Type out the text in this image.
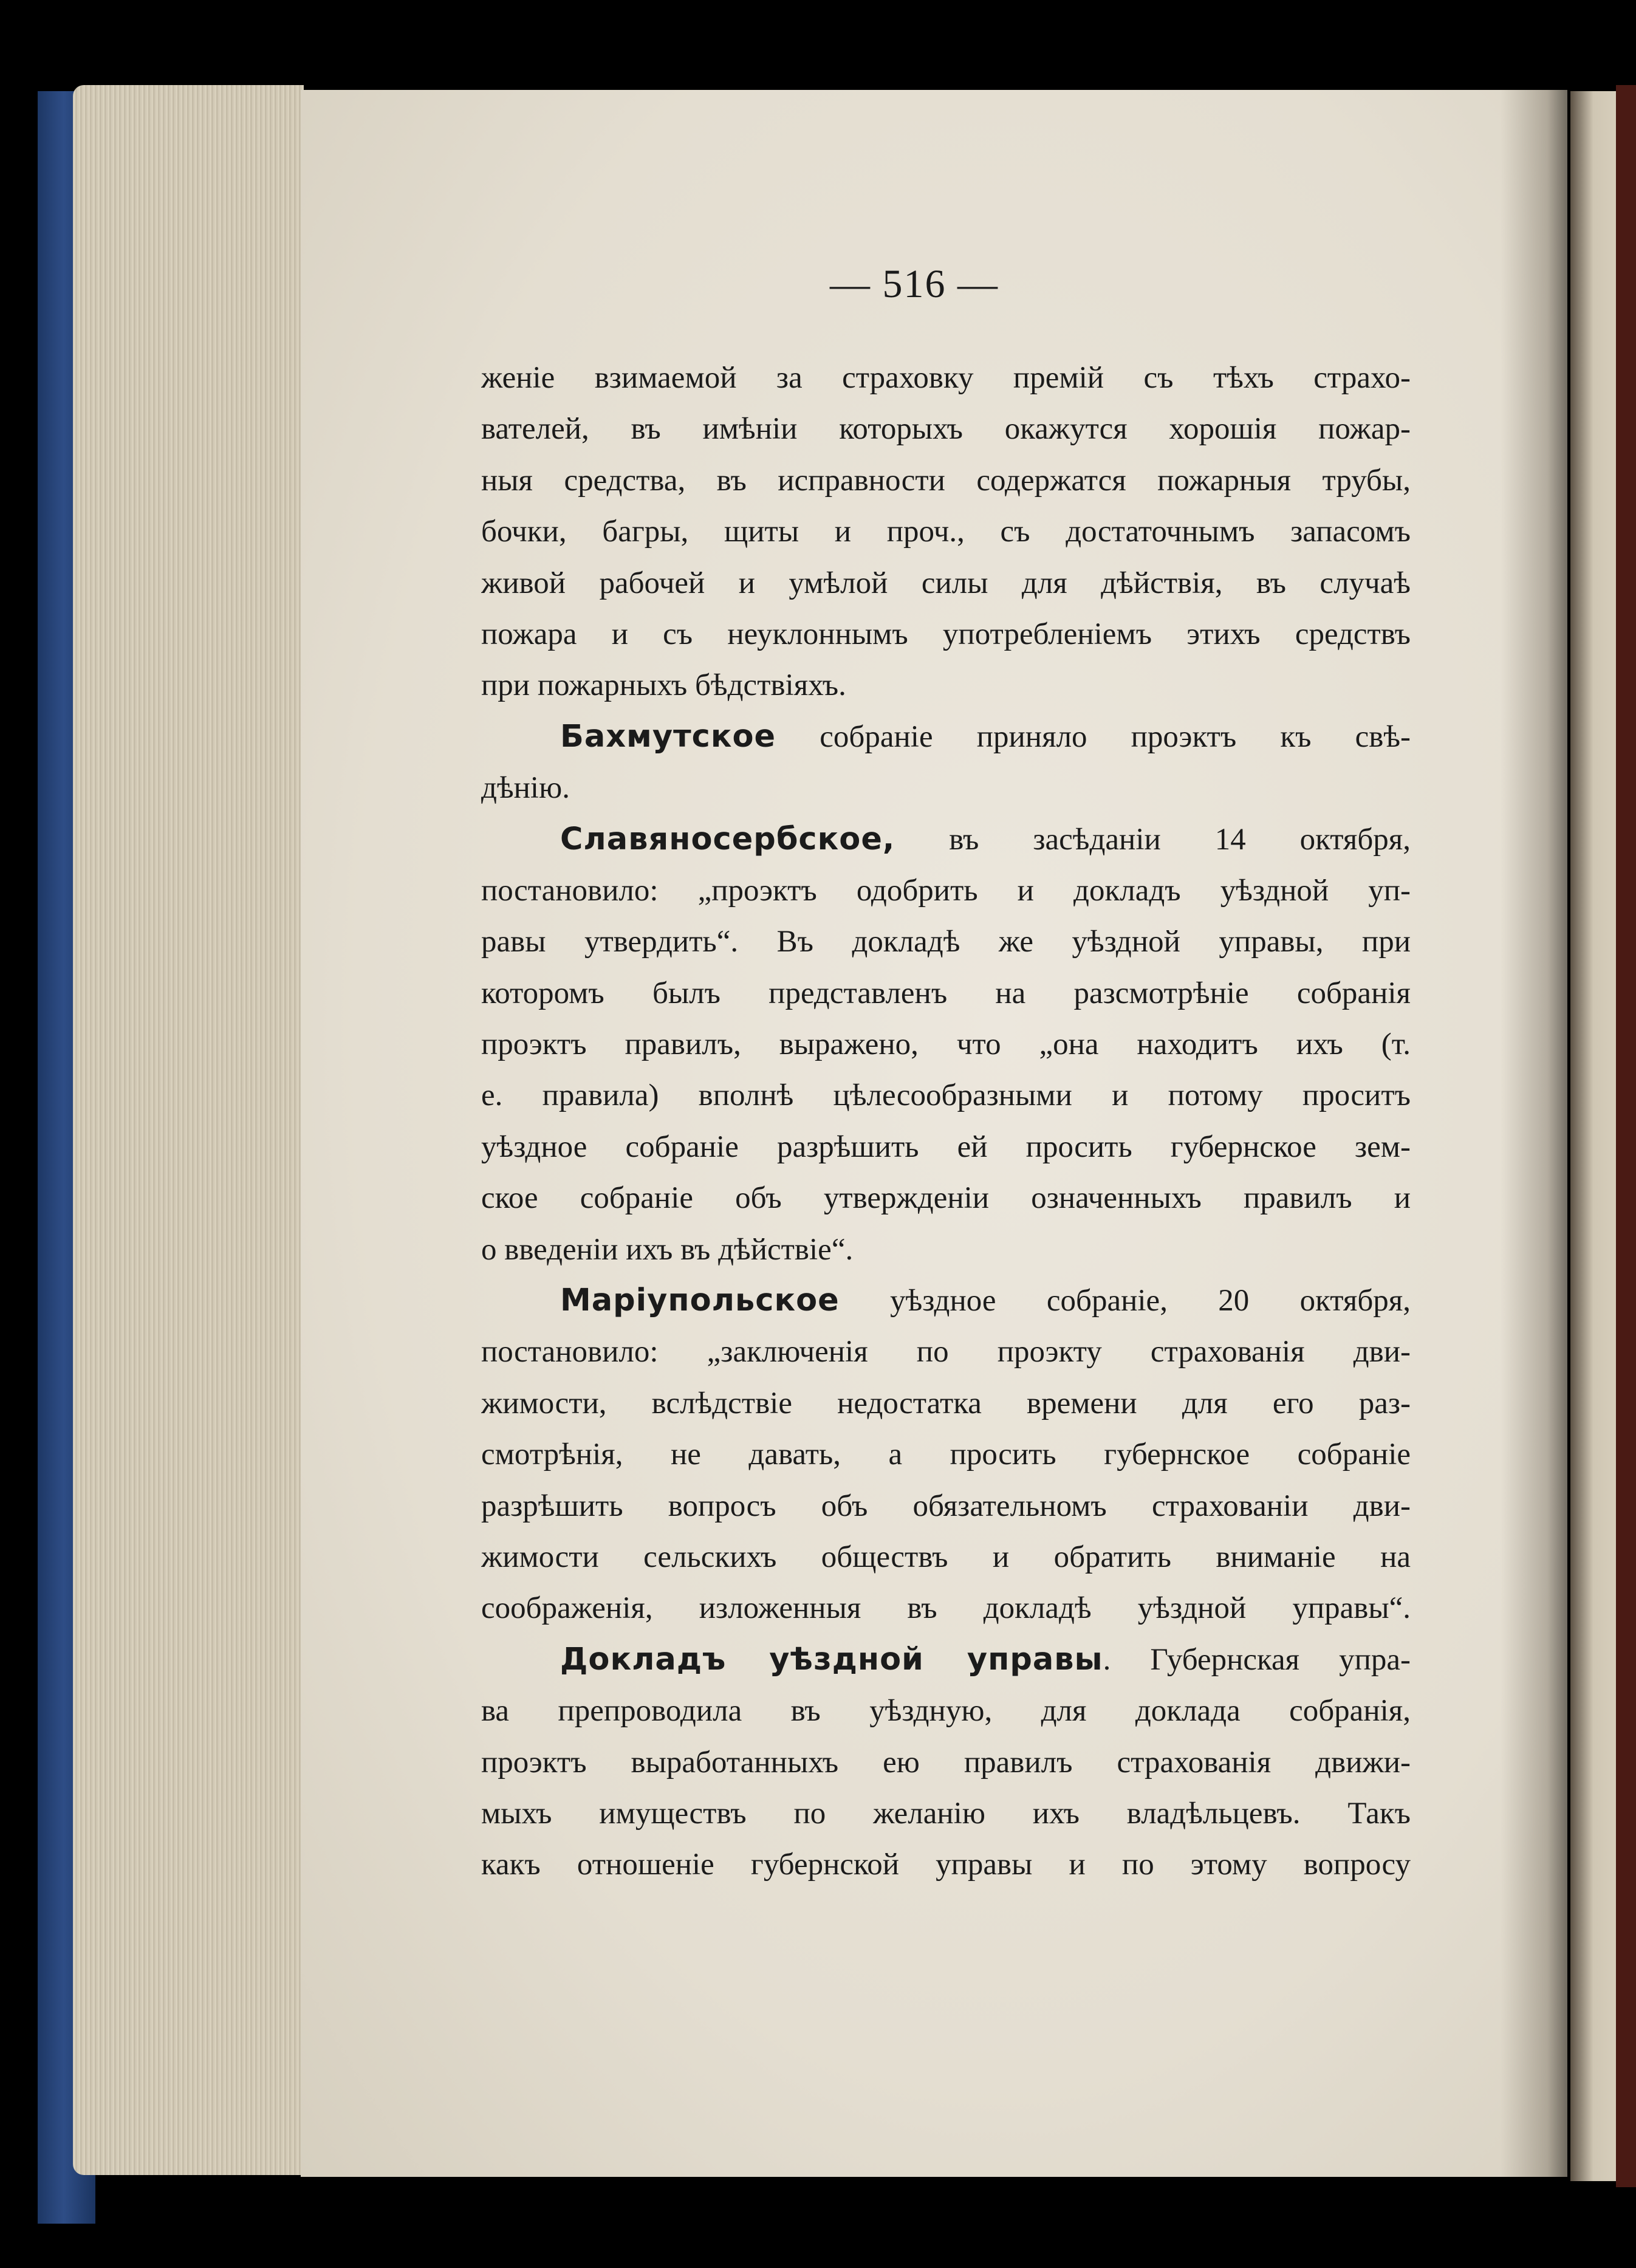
— 516 —
женіе взимаемой за страховку премій съ тѣхъ страхо-
вателей, въ имѣніи которыхъ окажутся хорошія пожар-
ныя средства, въ исправности содержатся пожарныя трубы,
бочки, багры, щиты и проч., съ достаточнымъ запасомъ
живой рабочей и умѣлой силы для дѣйствія, въ случаѣ
пожара и съ неуклоннымъ употребленіемъ этихъ средствъ
при пожарныхъ бѣдствіяхъ.
Бахмутское собраніе приняло проэктъ къ свѣ-
дѣнію.
Славяносербское, въ засѣданіи 14 октября,
постановило: „проэктъ одобрить и докладъ уѣздной уп-
равы утвердить“. Въ докладѣ же уѣздной управы, при
которомъ былъ представленъ на разсмотрѣніе собранія
проэктъ правилъ, выражено, что „она находитъ ихъ (т.
е. правила) вполнѣ цѣлесообразными и потому проситъ
уѣздное собраніе разрѣшить ей просить губернское зем-
ское собраніе объ утвержденіи означенныхъ правилъ и
о введеніи ихъ въ дѣйствіе“.
Маріупольское уѣздное собраніе, 20 октября,
постановило: „заключенія по проэкту страхованія дви-
жимости, вслѣдствіе недостатка времени для его раз-
смотрѣнія, не давать, а просить губернское собраніе
разрѣшить вопросъ объ обязательномъ страхованіи дви-
жимости сельскихъ обществъ и обратить вниманіе на
соображенія, изложенныя въ докладѣ уѣздной управы“.
Докладъ уѣздной управы. Губернская упра-
ва препроводила въ уѣздную, для доклада собранія,
проэктъ выработанныхъ ею правилъ страхованія движи-
мыхъ имуществъ по желанію ихъ владѣльцевъ. Такъ
какъ отношеніе губернской управы и по этому вопросу
